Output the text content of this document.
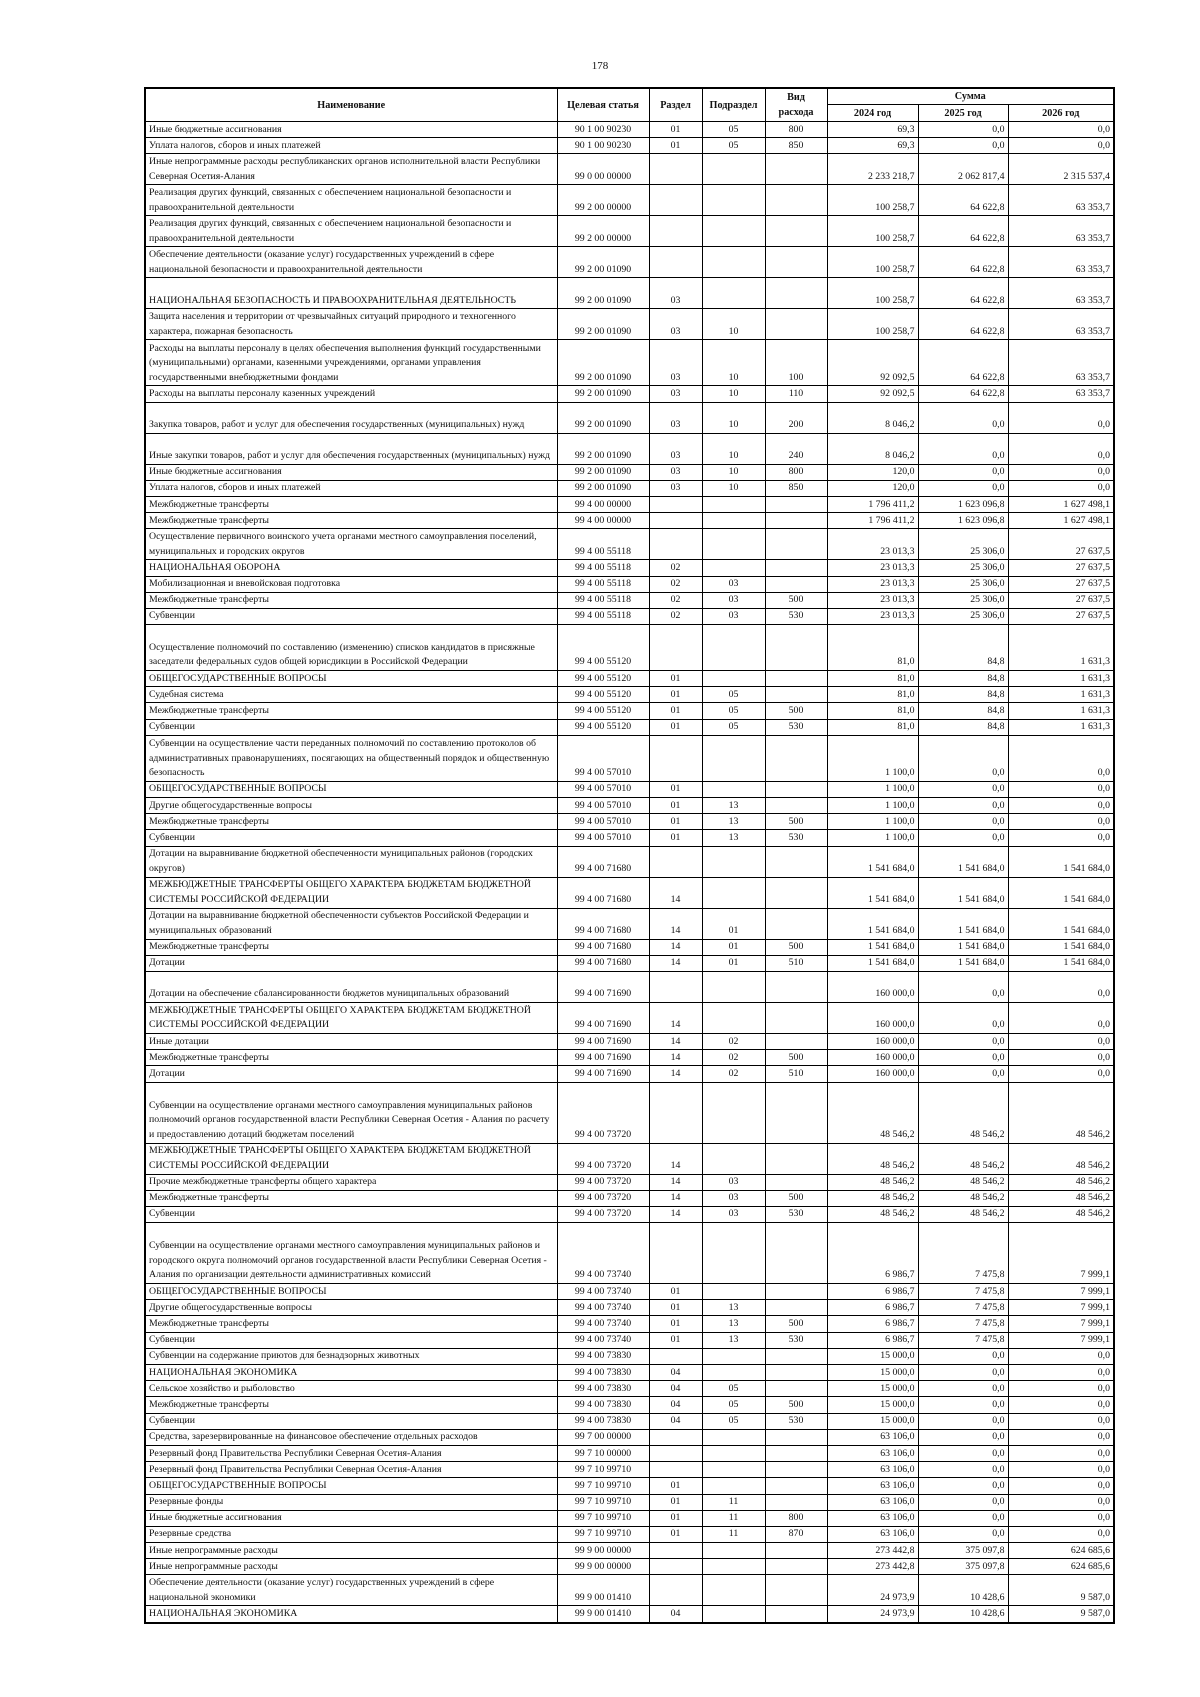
178
Наименование	Целевая статья	Раздел	Подраздел	Вид расхода	Сумма		
					2024 год	2025 год	2026 год
Иные бюджетные ассигнования	90 1 00 90230	01	05	800	69,3	0,0	0,0
Уплата налогов, сборов и иных платежей	90 1 00 90230	01	05	850	69,3	0,0	0,0
Иные непрограммные расходы республиканских органов исполнительной власти Республики Северная Осетия-Алания	99 0 00 00000				2 233 218,7	2 062 817,4	2 315 537,4
Реализация других функций, связанных с обеспечением национальной безопасности и правоохранительной деятельности	99 2 00 00000				100 258,7	64 622,8	63 353,7
Реализация других функций, связанных с обеспечением национальной безопасности и правоохранительной деятельности	99 2 00 00000				100 258,7	64 622,8	63 353,7
Обеспечение деятельности (оказание услуг) государственных учреждений в сфере национальной безопасности и правоохранительной деятельности	99 2 00 01090				100 258,7	64 622,8	63 353,7
НАЦИОНАЛЬНАЯ БЕЗОПАСНОСТЬ И ПРАВООХРАНИТЕЛЬНАЯ ДЕЯТЕЛЬНОСТЬ	99 2 00 01090	03			100 258,7	64 622,8	63 353,7
Защита населения и территории от чрезвычайных ситуаций природного и техногенного характера, пожарная безопасность	99 2 00 01090	03	10		100 258,7	64 622,8	63 353,7
Расходы на выплаты персоналу в целях обеспечения выполнения функций государственными (муниципальными) органами, казенными учреждениями, органами управления государственными внебюджетными фондами	99 2 00 01090	03	10	100	92 092,5	64 622,8	63 353,7
Расходы на выплаты персоналу казенных учреждений	99 2 00 01090	03	10	110	92 092,5	64 622,8	63 353,7
Закупка товаров, работ и услуг для обеспечения государственных (муниципальных) нужд	99 2 00 01090	03	10	200	8 046,2	0,0	0,0
Иные закупки товаров, работ и услуг для обеспечения государственных (муниципальных) нужд	99 2 00 01090	03	10	240	8 046,2	0,0	0,0
Иные бюджетные ассигнования	99 2 00 01090	03	10	800	120,0	0,0	0,0
Уплата налогов, сборов и иных платежей	99 2 00 01090	03	10	850	120,0	0,0	0,0
Межбюджетные трансферты	99 4 00 00000				1 796 411,2	1 623 096,8	1 627 498,1
Межбюджетные трансферты	99 4 00 00000				1 796 411,2	1 623 096,8	1 627 498,1
Осуществление первичного воинского учета органами местного самоуправления поселений, муниципальных и городских округов	99 4 00 55118				23 013,3	25 306,0	27 637,5
НАЦИОНАЛЬНАЯ ОБОРОНА	99 4 00 55118	02			23 013,3	25 306,0	27 637,5
Мобилизационная и вневойсковая подготовка	99 4 00 55118	02	03		23 013,3	25 306,0	27 637,5
Межбюджетные трансферты	99 4 00 55118	02	03	500	23 013,3	25 306,0	27 637,5
Субвенции	99 4 00 55118	02	03	530	23 013,3	25 306,0	27 637,5
Осуществление полномочий по составлению (изменению) списков кандидатов в присяжные заседатели федеральных судов общей юрисдикции в Российской Федерации	99 4 00 55120				81,0	84,8	1 631,3
ОБЩЕГОСУДАРСТВЕННЫЕ ВОПРОСЫ	99 4 00 55120	01			81,0	84,8	1 631,3
Судебная система	99 4 00 55120	01	05		81,0	84,8	1 631,3
Межбюджетные трансферты	99 4 00 55120	01	05	500	81,0	84,8	1 631,3
Субвенции	99 4 00 55120	01	05	530	81,0	84,8	1 631,3
Субвенции на осуществление части переданных полномочий по составлению протоколов об административных правонарушениях, посягающих на общественный порядок и общественную безопасность	99 4 00 57010				1 100,0	0,0	0,0
ОБЩЕГОСУДАРСТВЕННЫЕ ВОПРОСЫ	99 4 00 57010	01			1 100,0	0,0	0,0
Другие общегосударственные вопросы	99 4 00 57010	01	13		1 100,0	0,0	0,0
Межбюджетные трансферты	99 4 00 57010	01	13	500	1 100,0	0,0	0,0
Субвенции	99 4 00 57010	01	13	530	1 100,0	0,0	0,0
Дотации на выравнивание бюджетной обеспеченности муниципальных районов (городских округов)	99 4 00 71680				1 541 684,0	1 541 684,0	1 541 684,0
МЕЖБЮДЖЕТНЫЕ ТРАНСФЕРТЫ ОБЩЕГО ХАРАКТЕРА БЮДЖЕТАМ БЮДЖЕТНОЙ СИСТЕМЫ РОССИЙСКОЙ ФЕДЕРАЦИИ	99 4 00 71680	14			1 541 684,0	1 541 684,0	1 541 684,0
Дотации на выравнивание бюджетной обеспеченности субъектов Российской Федерации и муниципальных образований	99 4 00 71680	14	01		1 541 684,0	1 541 684,0	1 541 684,0
Межбюджетные трансферты	99 4 00 71680	14	01	500	1 541 684,0	1 541 684,0	1 541 684,0
Дотации	99 4 00 71680	14	01	510	1 541 684,0	1 541 684,0	1 541 684,0
Дотации на обеспечение сбалансированности бюджетов муниципальных образований	99 4 00 71690				160 000,0	0,0	0,0
МЕЖБЮДЖЕТНЫЕ ТРАНСФЕРТЫ ОБЩЕГО ХАРАКТЕРА БЮДЖЕТАМ БЮДЖЕТНОЙ СИСТЕМЫ РОССИЙСКОЙ ФЕДЕРАЦИИ	99 4 00 71690	14			160 000,0	0,0	0,0
Иные дотации	99 4 00 71690	14	02		160 000,0	0,0	0,0
Межбюджетные трансферты	99 4 00 71690	14	02	500	160 000,0	0,0	0,0
Дотации	99 4 00 71690	14	02	510	160 000,0	0,0	0,0
Субвенции на осуществление органами местного самоуправления муниципальных районов полномочий органов государственной власти Республики Северная Осетия - Алания по расчету и предоставлению дотаций бюджетам поселений	99 4 00 73720				48 546,2	48 546,2	48 546,2
МЕЖБЮДЖЕТНЫЕ ТРАНСФЕРТЫ ОБЩЕГО ХАРАКТЕРА БЮДЖЕТАМ БЮДЖЕТНОЙ СИСТЕМЫ РОССИЙСКОЙ ФЕДЕРАЦИИ	99 4 00 73720	14			48 546,2	48 546,2	48 546,2
Прочие межбюджетные трансферты общего характера	99 4 00 73720	14	03		48 546,2	48 546,2	48 546,2
Межбюджетные трансферты	99 4 00 73720	14	03	500	48 546,2	48 546,2	48 546,2
Субвенции	99 4 00 73720	14	03	530	48 546,2	48 546,2	48 546,2
Субвенции на осуществление органами местного самоуправления муниципальных районов и городского округа полномочий органов государственной власти Республики Северная Осетия - Алания по организации деятельности административных комиссий	99 4 00 73740				6 986,7	7 475,8	7 999,1
ОБЩЕГОСУДАРСТВЕННЫЕ ВОПРОСЫ	99 4 00 73740	01			6 986,7	7 475,8	7 999,1
Другие общегосударственные вопросы	99 4 00 73740	01	13		6 986,7	7 475,8	7 999,1
Межбюджетные трансферты	99 4 00 73740	01	13	500	6 986,7	7 475,8	7 999,1
Субвенции	99 4 00 73740	01	13	530	6 986,7	7 475,8	7 999,1
Субвенции на содержание приютов для безнадзорных животных	99 4 00 73830				15 000,0	0,0	0,0
НАЦИОНАЛЬНАЯ ЭКОНОМИКА	99 4 00 73830	04			15 000,0	0,0	0,0
Сельское хозяйство и рыболовство	99 4 00 73830	04	05		15 000,0	0,0	0,0
Межбюджетные трансферты	99 4 00 73830	04	05	500	15 000,0	0,0	0,0
Субвенции	99 4 00 73830	04	05	530	15 000,0	0,0	0,0
Средства, зарезервированные на финансовое обеспечение отдельных расходов	99 7 00 00000				63 106,0	0,0	0,0
Резервный фонд Правительства Республики Северная Осетия-Алания	99 7 10 00000				63 106,0	0,0	0,0
Резервный фонд Правительства Республики Северная Осетия-Алания	99 7 10 99710				63 106,0	0,0	0,0
ОБЩЕГОСУДАРСТВЕННЫЕ ВОПРОСЫ	99 7 10 99710	01			63 106,0	0,0	0,0
Резервные фонды	99 7 10 99710	01	11		63 106,0	0,0	0,0
Иные бюджетные ассигнования	99 7 10 99710	01	11	800	63 106,0	0,0	0,0
Резервные средства	99 7 10 99710	01	11	870	63 106,0	0,0	0,0
Иные непрограммные расходы	99 9 00 00000				273 442,8	375 097,8	624 685,6
Иные непрограммные расходы	99 9 00 00000				273 442,8	375 097,8	624 685,6
Обеспечение деятельности (оказание услуг) государственных учреждений в сфере национальной экономики	99 9 00 01410				24 973,9	10 428,6	9 587,0
НАЦИОНАЛЬНАЯ ЭКОНОМИКА	99 9 00 01410	04			24 973,9	10 428,6	9 587,0
